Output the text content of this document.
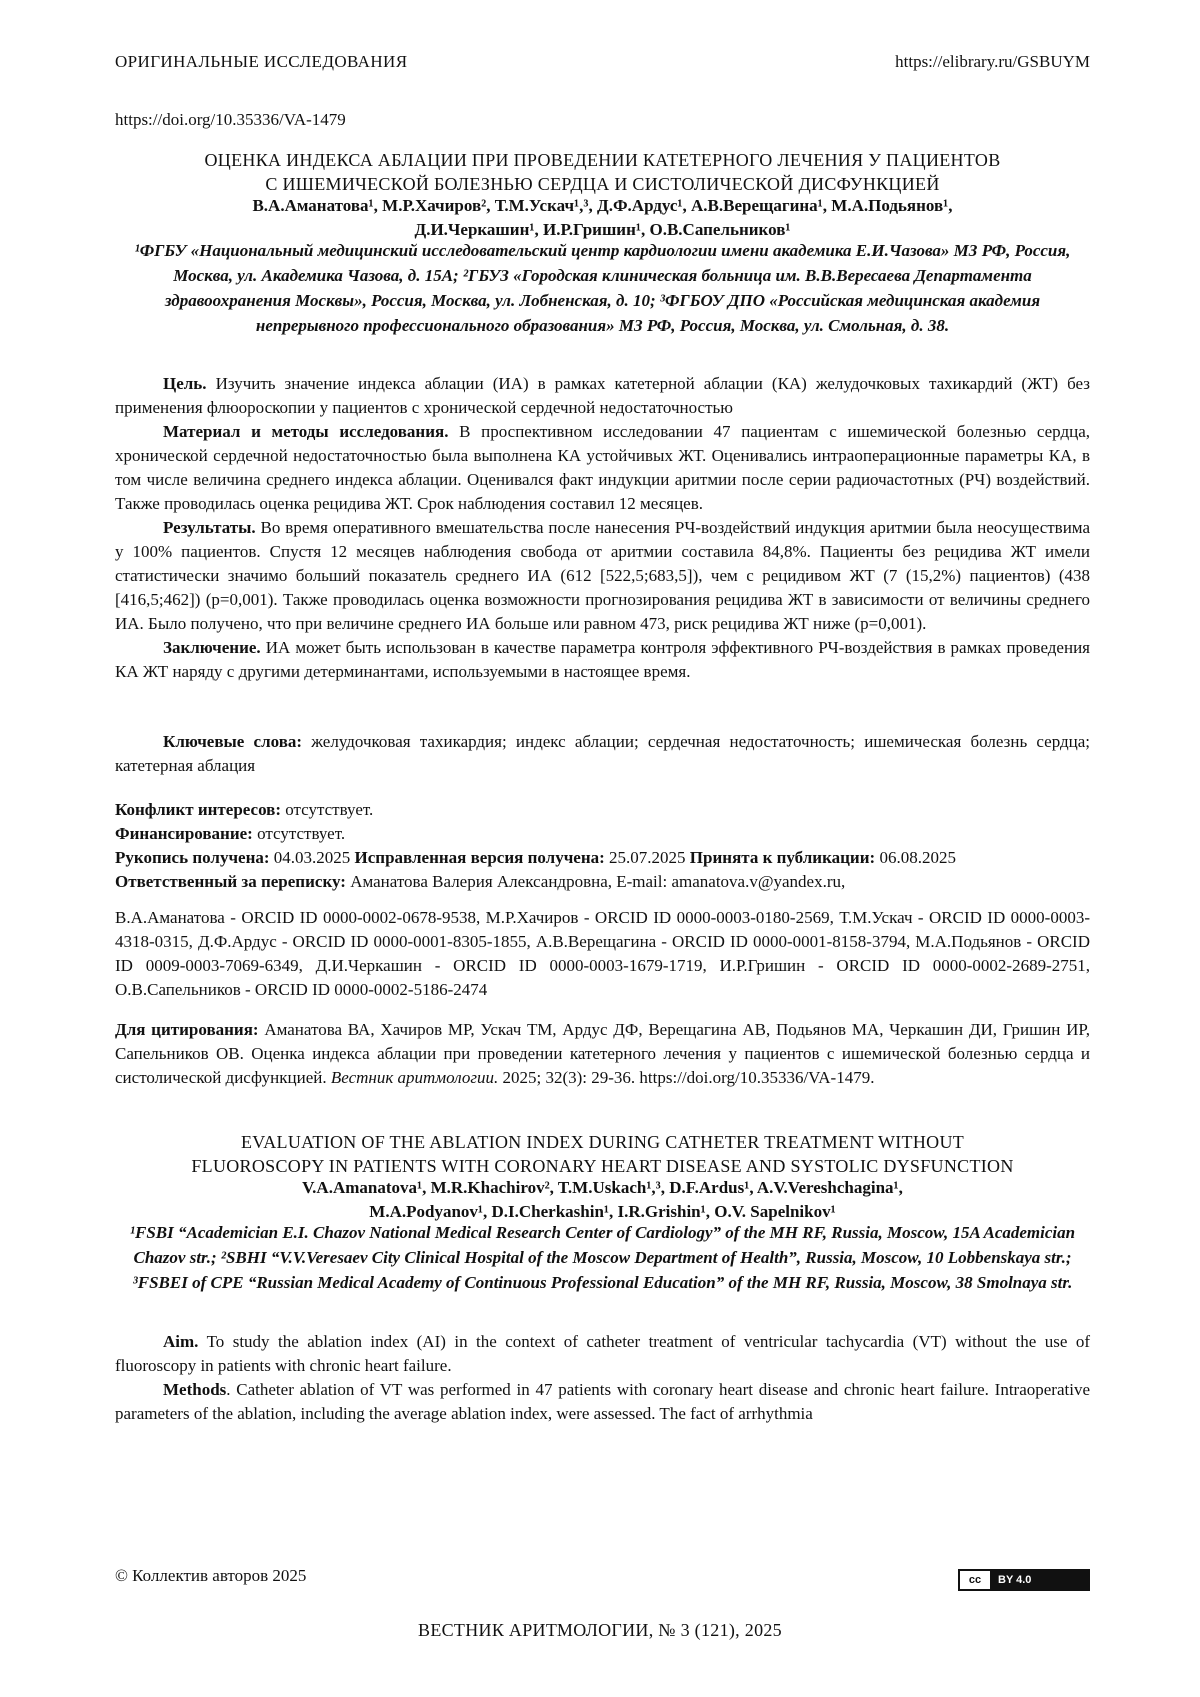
ОРИГИНАЛЬНЫЕ ИССЛЕДОВАНИЯ	https://elibrary.ru/GSBUYM
https://doi.org/10.35336/VA-1479
ОЦЕНКА ИНДЕКСА АБЛАЦИИ ПРИ ПРОВЕДЕНИИ КАТЕТЕРНОГО ЛЕЧЕНИЯ У ПАЦИЕНТОВ
С ИШЕМИЧЕСКОЙ БОЛЕЗНЬЮ СЕРДЦА И СИСТОЛИЧЕСКОЙ ДИСФУНКЦИЕЙ
В.А.Аманатова¹, М.Р.Хачиров², Т.М.Ускач¹,³, Д.Ф.Ардус¹, А.В.Верещагина¹, М.А.Подьянов¹,
Д.И.Черкашин¹, И.Р.Гришин¹, О.В.Сапельников¹
¹ФГБУ «Национальный медицинский исследовательский центр кардиологии имени академика Е.И.Чазова» МЗ РФ, Россия, Москва, ул. Академика Чазова, д. 15А; ²ГБУЗ «Городская клиническая больница им. В.В.Вересаева Департамента здравоохранения Москвы», Россия, Москва, ул. Лобненская, д. 10; ³ФГБОУ ДПО «Российская медицинская академия непрерывного профессионального образования» МЗ РФ, Россия, Москва, ул. Смольная, д. 38.

Цель. Изучить значение индекса аблации (ИА) в рамках катетерной аблации (КА) желудочковых тахикардий (ЖТ) без применения флюороскопии у пациентов с хронической сердечной недостаточностью

Материал и методы исследования. В проспективном исследовании 47 пациентам с ишемической болезнью сердца, хронической сердечной недостаточностью была выполнена КА устойчивых ЖТ. Оценивались интраоперационные параметры КА, в том числе величина среднего индекса аблации. Оценивался факт индукции аритмии после серии радиочастотных (РЧ) воздействий. Также проводилась оценка рецидива ЖТ. Срок наблюдения составил 12 месяцев.

Результаты. Во время оперативного вмешательства после нанесения РЧ-воздействий индукция аритмии была неосуществима у 100% пациентов. Спустя 12 месяцев наблюдения свобода от аритмии составила 84,8%. Пациенты без рецидива ЖТ имели статистически значимо больший показатель среднего ИА (612 [522,5;683,5]), чем с рецидивом ЖТ (7 (15,2%) пациентов) (438 [416,5;462]) (р=0,001). Также проводилась оценка возможности прогнозирования рецидива ЖТ в зависимости от величины среднего ИА. Было получено, что при величине среднего ИА больше или равном 473, риск рецидива ЖТ ниже (р=0,001).

Заключение. ИА может быть использован в качестве параметра контроля эффективного РЧ-воздействия в рамках проведения КА ЖТ наряду с другими детерминантами, используемыми в настоящее время.

Ключевые слова: желудочковая тахикардия; индекс аблации; сердечная недостаточность; ишемическая болезнь сердца; катетерная аблация

Конфликт интересов: отсутствует.

Финансирование: отсутствует.

Рукопись получена: 04.03.2025 Исправленная версия получена: 25.07.2025 Принята к публикации: 06.08.2025

Ответственный за переписку: Аманатова Валерия Александровна, E-mail: amanatova.v@yandex.ru,

В.А.Аманатова - ORCID ID 0000-0002-0678-9538, М.Р.Хачиров - ORCID ID 0000-0003-0180-2569, Т.М.Ускач - ORCID ID 0000-0003-4318-0315, Д.Ф.Ардус - ORCID ID 0000-0001-8305-1855, А.В.Верещагина - ORCID ID 0000-0001-8158-3794, М.А.Подьянов - ORCID ID 0009-0003-7069-6349, Д.И.Черкашин - ORCID ID 0000-0003-1679-1719, И.Р.Гришин - ORCID ID 0000-0002-2689-2751, О.В.Сапельников - ORCID ID 0000-0002-5186-2474
Для цитирования: Аманатова ВА, Хачиров МР, Ускач ТМ, Ардус ДФ, Верещагина АВ, Подьянов МА, Черкашин ДИ, Гришин ИР, Сапельников ОВ. Оценка индекса аблации при проведении катетерного лечения у пациентов с ишемической болезнью сердца и систолической дисфункцией. Вестник аритмологии. 2025; 32(3): 29-36. https://doi.org/10.35336/VA-1479.
EVALUATION OF THE ABLATION INDEX DURING CATHETER TREATMENT WITHOUT
FLUOROSCOPY IN PATIENTS WITH CORONARY HEART DISEASE AND SYSTOLIC DYSFUNCTION
V.A.Amanatova¹, M.R.Khachirov², T.M.Uskach¹,³, D.F.Ardus¹, A.V.Vereshchagina¹,
M.A.Podyanov¹, D.I.Cherkashin¹, I.R.Grishin¹, O.V. Sapelnikov¹
¹FSBI “Academician E.I. Chazov National Medical Research Center of Cardiology” of the MH RF, Russia, Moscow, 15A Academician Chazov str.; ²SBHI “V.V.Veresaev City Clinical Hospital of the Moscow Department of Health”, Russia, Moscow, 10 Lobbenskaya str.; ³FSBEI of CPE “Russian Medical Academy of Continuous Professional Education” of the MH RF, Russia, Moscow, 38 Smolnaya str.

Aim. To study the ablation index (AI) in the context of catheter treatment of ventricular tachycardia (VT) without the use of fluoroscopy in patients with chronic heart failure.

Methods. Catheter ablation of VT was performed in 47 patients with coronary heart disease and chronic heart failure. Intraoperative parameters of the ablation, including the average ablation index, were assessed. The fact of arrhythmia

© Коллектив авторов 2025	cc	BY 4.0
ВЕСТНИК АРИТМОЛОГИИ, № 3 (121), 2025
